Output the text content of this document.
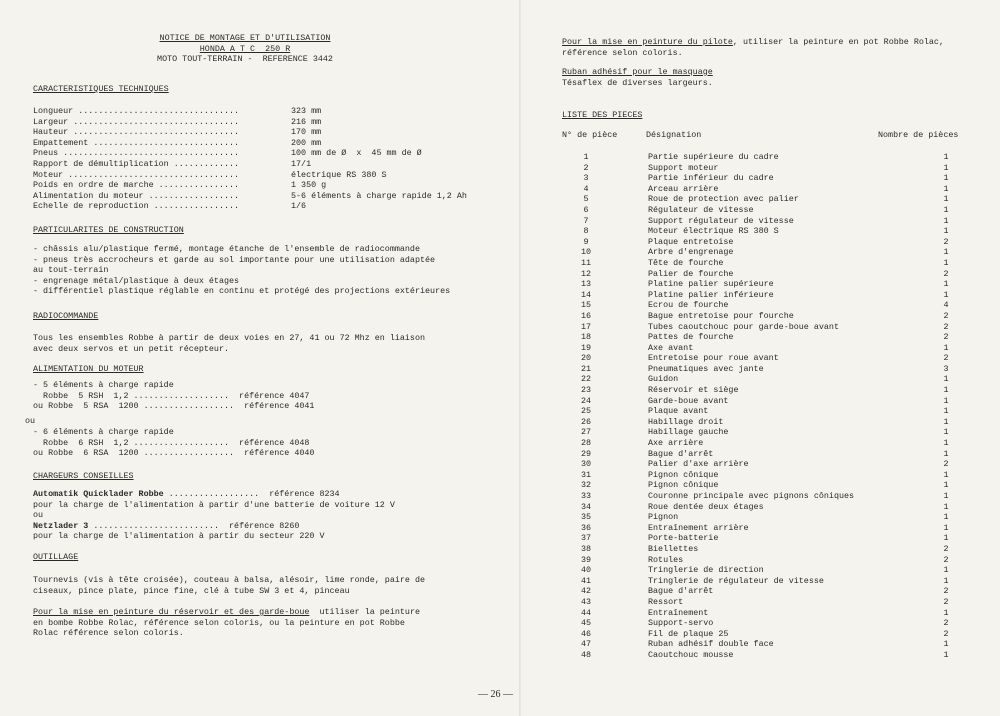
NOTICE DE MONTAGE ET D'UTILISATION
HONDA A T C  250 R
MOTO TOUT-TERRAIN -  REFERENCE 3442
CARACTERISTIQUES TECHNIQUES
Longueur ................................	323 mm
Largeur .................................	216 mm
Hauteur .................................	170 mm
Empattement .............................	200 mm
Pneus ...................................	100 mm de Ø  x  45 mm de Ø
Rapport de démultiplication .............	17/1
Moteur ..................................	électrique RS 380 S
Poids en ordre de marche ................	1 350 g
Alimentation du moteur ..................	5-6 éléments à charge rapide 1,2 Ah
Echelle de reproduction .................	1/6
PARTICULARITES DE CONSTRUCTION
- châssis alu/plastique fermé, montage étanche de l'ensemble de radiocommande
- pneus très accrocheurs et garde au sol importante pour une utilisation adaptée
au tout-terrain
- engrenage métal/plastique à deux étages
- différentiel plastique réglable en continu et protégé des projections extérieures
RADIOCOMMANDE
Tous les ensembles Robbe à partir de deux voies en 27, 41 ou 72 Mhz en liaison
avec deux servos et un petit récepteur.
ALIMENTATION DU MOTEUR
- 5 éléments à charge rapide
Robbe  5 RSH  1,2 ...................  référence 4047
ou Robbe  5 RSA  1200 ..................  référence 4041
ou
- 6 éléments à charge rapide
Robbe  6 RSH  1,2 ...................  référence 4048
ou Robbe  6 RSA  1200 ..................  référence 4040
CHARGEURS CONSEILLES
Automatik Quicklader Robbe ..................  référence 8234
pour la charge de l'alimentation à partir d'une batterie de voiture 12 V
ou
Netzlader 3 .........................  référence 8260
pour la charge de l'alimentation à partir du secteur 220 V
OUTILLAGE
Tournevis (vis à tête croisée), couteau à balsa, alésoir, lime ronde, paire de
ciseaux, pince plate, pince fine, clé à tube SW 3 et 4, pinceau
Pour la mise en peinture du réservoir et des garde-boue  utiliser la peinture
en bombe Robbe Rolac, référence selon coloris, ou la peinture en pot Robbe
Rolac référence selon coloris.
Pour la mise en peinture du pilote, utiliser la peinture en pot Robbe Rolac,
référence selon coloris.
Ruban adhésif pour le masquage
Tésaflex de diverses largeurs.
LISTE DES PIECES
N° de pièce	Désignation	Nombre de pièces
1	Partie supérieure du cadre	1
2	Support moteur	1
3	Partie inférieur du cadre	1
4	Arceau arrière	1
5	Roue de protection avec palier	1
6	Régulateur de vitesse	1
7	Support régulateur de vitesse	1
8	Moteur électrique RS 380 S	1
9	Plaque entretoise	2
10	Arbre d'engrenage	1
11	Tête de fourche	1
12	Palier de fourche	2
13	Platine palier supérieure	1
14	Platine palier inférieure	1
15	Ecrou de fourche	4
16	Bague entretoise pour fourche	2
17	Tubes caoutchouc pour garde-boue avant	2
18	Pattes de fourche	2
19	Axe avant	1
20	Entretoise pour roue avant	2
21	Pneumatiques avec jante	3
22	Guidon	1
23	Réservoir et siège	1
24	Garde-boue avant	1
25	Plaque avant	1
26	Habillage droit	1
27	Habillage gauche	1
28	Axe arrière	1
29	Bague d'arrêt	1
30	Palier d'axe arrière	2
31	Pignon cônique	1
32	Pignon cônique	1
33	Couronne principale avec pignons côniques	1
34	Roue dentée deux étages	1
35	Pignon	1
36	Entraînement arrière	1
37	Porte-batterie	1
38	Biellettes	2
39	Rotules	2
40	Tringlerie de direction	1
41	Tringlerie de régulateur de vitesse	1
42	Bague d'arrêt	2
43	Ressort	2
44	Entraînement	1
45	Support-servo	2
46	Fil de plaque 25	2
47	Ruban adhésif double face	1
48	Caoutchouc mousse	1
— 26 —
